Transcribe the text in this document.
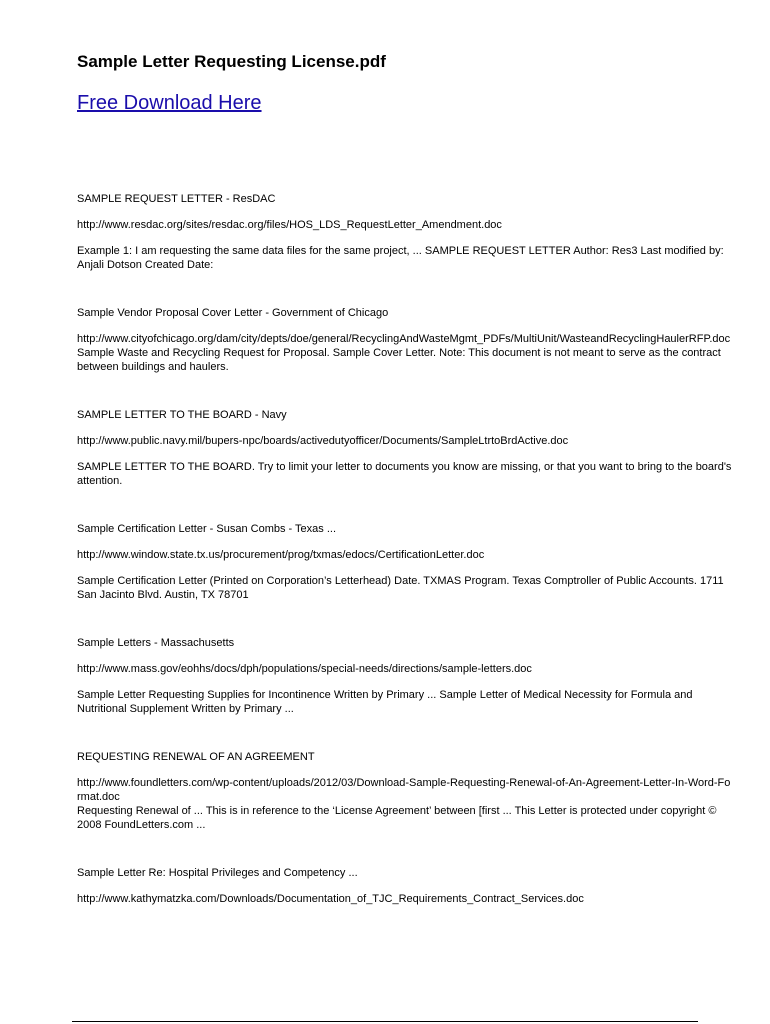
Sample Letter Requesting License.pdf
Free Download Here

SAMPLE REQUEST LETTER - ResDAC

http://www.resdac.org/sites/resdac.org/files/HOS_LDS_RequestLetter_Amendment.doc

Example 1: I am requesting the same data files for the same project, ... SAMPLE REQUEST LETTER Author: Res3 Last modified by: Anjali Dotson Created Date:

Sample Vendor Proposal Cover Letter - Government of Chicago

http://www.cityofchicago.org/dam/city/depts/doe/general/RecyclingAndWasteMgmt_PDFs/MultiUnit/WasteandRecyclingHaulerRFP.doc

Sample Waste and Recycling Request for Proposal. Sample Cover Letter. Note: This document is not meant to serve as the contract between buildings and haulers.

SAMPLE LETTER TO THE BOARD - Navy

http://www.public.navy.mil/bupers-npc/boards/activedutyofficer/Documents/SampleLtrtoBrdActive.doc

SAMPLE LETTER TO THE BOARD. Try to limit your letter to documents you know are missing, or that you want to bring to the board's attention.

Sample Certification Letter - Susan Combs - Texas ...

http://www.window.state.tx.us/procurement/prog/txmas/edocs/CertificationLetter.doc

Sample Certification Letter (Printed on Corporation’s Letterhead) Date. TXMAS Program. Texas Comptroller of Public Accounts. 1711 San Jacinto Blvd. Austin, TX 78701

Sample Letters - Massachusetts

http://www.mass.gov/eohhs/docs/dph/populations/special-needs/directions/sample-letters.doc

Sample Letter Requesting Supplies for Incontinence Written by Primary ... Sample Letter of Medical Necessity for Formula and Nutritional Supplement Written by Primary ...

REQUESTING RENEWAL OF AN AGREEMENT

http://www.foundletters.com/wp-content/uploads/2012/03/Download-Sample-Requesting-Renewal-of-An-Agreement-Letter-In-Word-Format.doc

Requesting Renewal of ... This is in reference to the ‘License Agreement’ between [first ... This Letter is protected under copyright © 2008 FoundLetters.com ...

Sample Letter Re: Hospital Privileges and Competency ...

http://www.kathymatzka.com/Downloads/Documentation_of_TJC_Requirements_Contract_Services.doc
